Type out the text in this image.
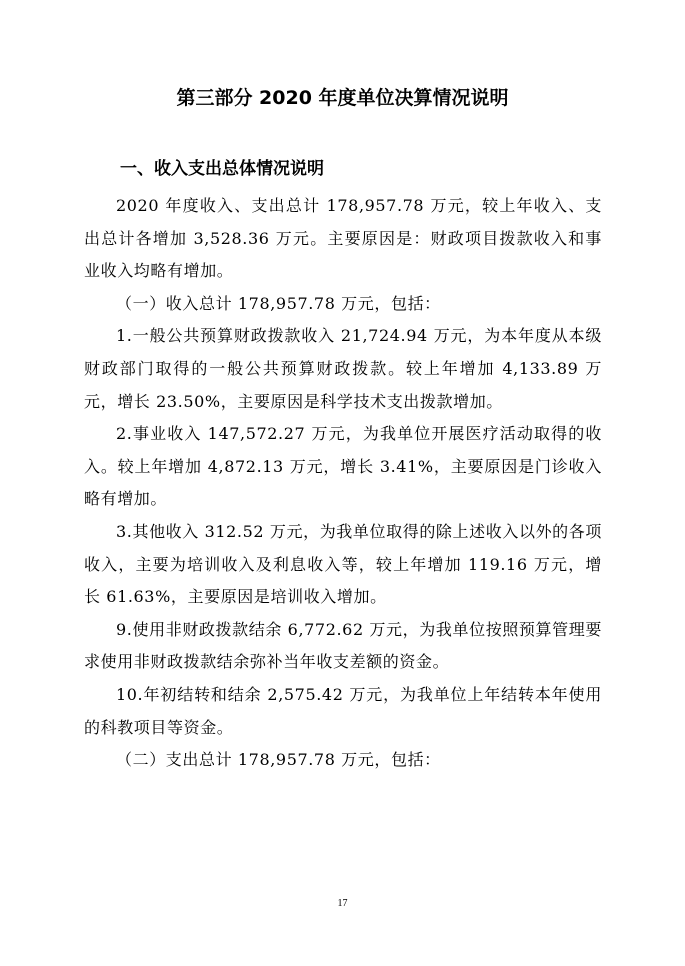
第三部分 2020 年度单位决算情况说明
一、收入支出总体情况说明

2020 年度收入、支出总计 178,957.78 万元，较上年收入、支出总计各增加 3,528.36 万元。主要原因是：财政项目拨款收入和事业收入均略有增加。

（一）收入总计 178,957.78 万元，包括：

1.一般公共预算财政拨款收入 21,724.94 万元，为本年度从本级财政部门取得的一般公共预算财政拨款。较上年增加 4,133.89 万元，增长 23.50%，主要原因是科学技术支出拨款增加。

2.事业收入 147,572.27 万元，为我单位开展医疗活动取得的收入。较上年增加 4,872.13 万元，增长 3.41%，主要原因是门诊收入略有增加。

3.其他收入 312.52 万元，为我单位取得的除上述收入以外的各项收入，主要为培训收入及利息收入等，较上年增加 119.16 万元，增长 61.63%，主要原因是培训收入增加。

9.使用非财政拨款结余 6,772.62 万元，为我单位按照预算管理要求使用非财政拨款结余弥补当年收支差额的资金。

10.年初结转和结余 2,575.42 万元，为我单位上年结转本年使用的科教项目等资金。

（二）支出总计 178,957.78 万元，包括：

17
